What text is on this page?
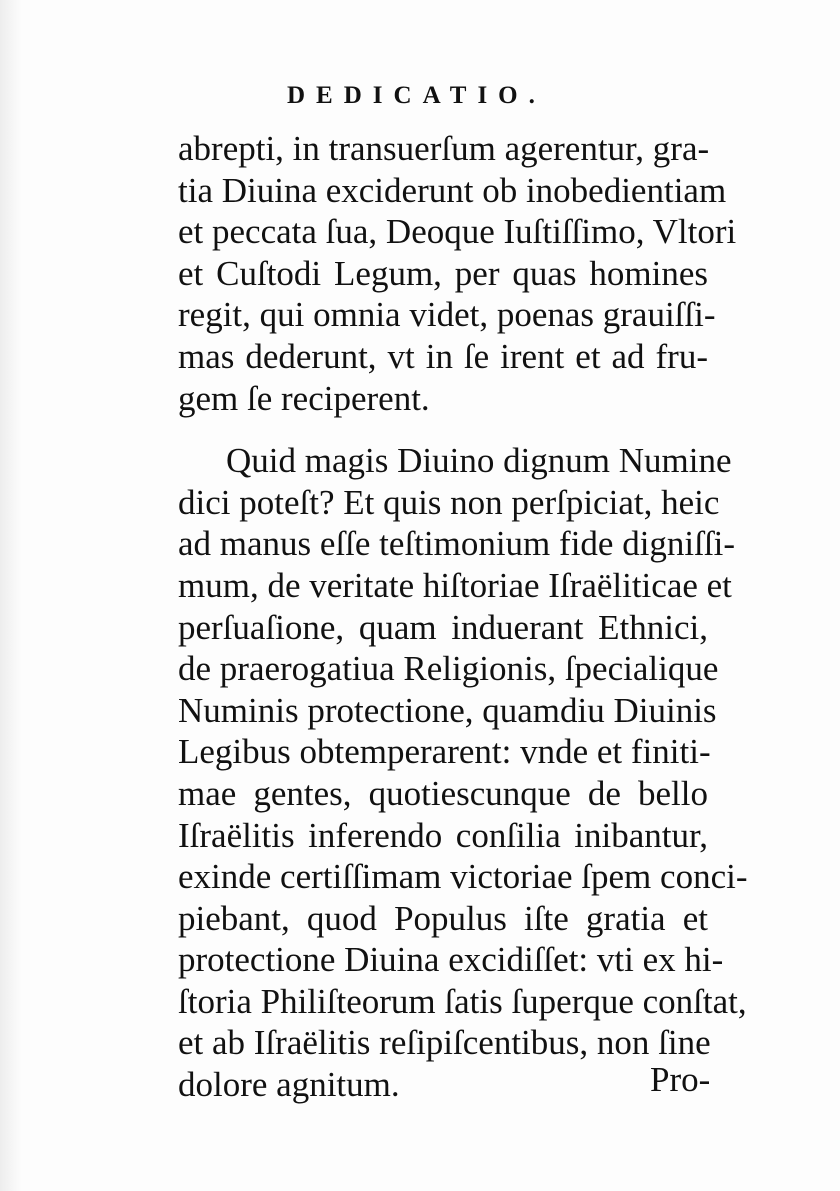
DEDICATIO.
abrepti, in transuerſum agerentur, gra-
tia Diuina exciderunt ob inobedientiam
et peccata ſua, Deoque Iuſtiſſimo, Vltori
et Cuſtodi Legum, per quas homines
regit, qui omnia videt, poenas grauiſſi-
mas dederunt, vt in ſe irent et ad fru-
gem ſe reciperent.
Quid magis Diuino dignum Numine
dici poteſt? Et quis non perſpiciat, heic
ad manus eſſe teſtimonium fide digniſſi-
mum, de veritate hiſtoriae Iſraëliticae et
perſuaſione, quam induerant Ethnici,
de praerogatiua Religionis, ſpecialique
Numinis protectione, quamdiu Diuinis
Legibus obtemperarent: vnde et finiti-
mae gentes, quotiescunque de bello
Iſraëlitis inferendo conſilia inibantur,
exinde certiſſimam victoriae ſpem conci-
piebant, quod Populus iſte gratia et
protectione Diuina excidiſſet: vti ex hi-
ſtoria Philiſteorum ſatis ſuperque conſtat,
et ab Iſraëlitis reſipiſcentibus, non ſine
dolore agnitum.	Pro-
